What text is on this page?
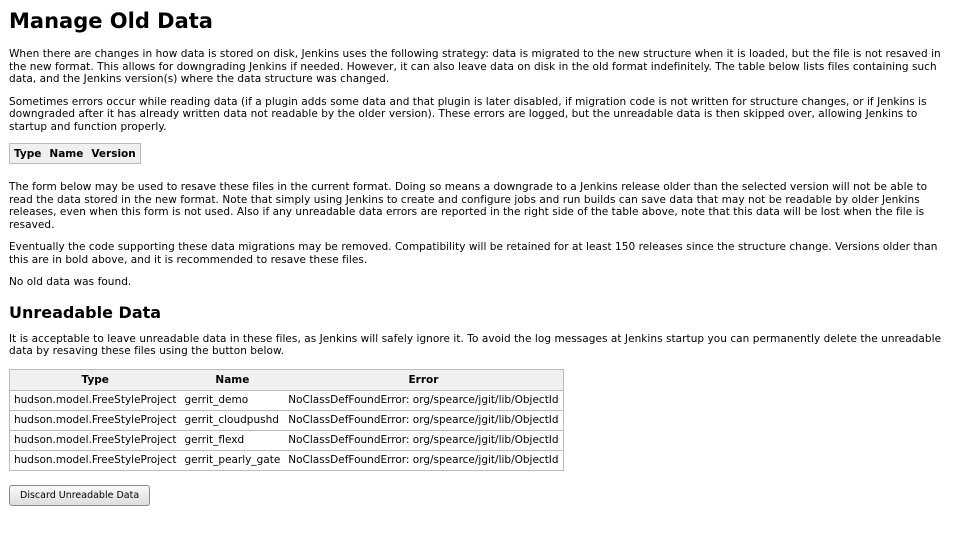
Manage Old Data

When there are changes in how data is stored on disk, Jenkins uses the following strategy: data is migrated to the new structure when it is loaded, but the file is not resaved in the new format. This allows for downgrading Jenkins if needed. However, it can also leave data on disk in the old format indefinitely. The table below lists files containing such data, and the Jenkins version(s) where the data structure was changed.

Sometimes errors occur while reading data (if a plugin adds some data and that plugin is later disabled, if migration code is not written for structure changes, or if Jenkins is downgraded after it has already written data not readable by the older version). These errors are logged, but the unreadable data is then skipped over, allowing Jenkins to startup and function properly.

Type	Name	Version

The form below may be used to resave these files in the current format. Doing so means a downgrade to a Jenkins release older than the selected version will not be able to read the data stored in the new format. Note that simply using Jenkins to create and configure jobs and run builds can save data that may not be readable by older Jenkins releases, even when this form is not used. Also if any unreadable data errors are reported in the right side of the table above, note that this data will be lost when the file is resaved.

Eventually the code supporting these data migrations may be removed. Compatibility will be retained for at least 150 releases since the structure change. Versions older than this are in bold above, and it is recommended to resave these files.

No old data was found.

Unreadable Data

It is acceptable to leave unreadable data in these files, as Jenkins will safely ignore it. To avoid the log messages at Jenkins startup you can permanently delete the unreadable data by resaving these files using the button below.

Type	Name	Error
hudson.model.FreeStyleProject	gerrit_demo	NoClassDefFoundError: org/spearce/jgit/lib/ObjectId
hudson.model.FreeStyleProject	gerrit_cloudpushd	NoClassDefFoundError: org/spearce/jgit/lib/ObjectId
hudson.model.FreeStyleProject	gerrit_flexd	NoClassDefFoundError: org/spearce/jgit/lib/ObjectId
hudson.model.FreeStyleProject	gerrit_pearly_gate	NoClassDefFoundError: org/spearce/jgit/lib/ObjectId
Discard Unreadable Data
